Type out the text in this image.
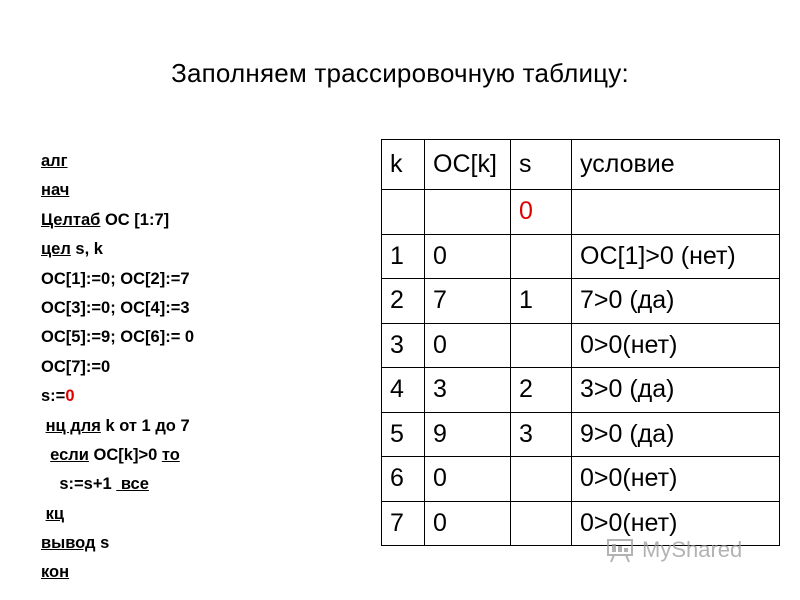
Заполняем трассировочную таблицу:
алг
нач
Целтаб ОС [1:7]
цел s, k
ОС[1]:=0; ОС[2]:=7
ОС[3]:=0; ОС[4]:=3
ОС[5]:=9; ОС[6]:= 0
ОС[7]:=0
s:=0
нц для k от 1 до 7
если ОС[k]>0 то
s:=s+1  все
кц
вывод s
кон
k	OC[k]	s	условие
		0	
1	0		OC[1]>0 (нет)
2	7	1	7>0 (да)
3	0		0>0(нет)
4	3	2	3>0 (да)
5	9	3	9>0 (да)
6	0		0>0(нет)
7	0		0>0(нет)
MyShared
